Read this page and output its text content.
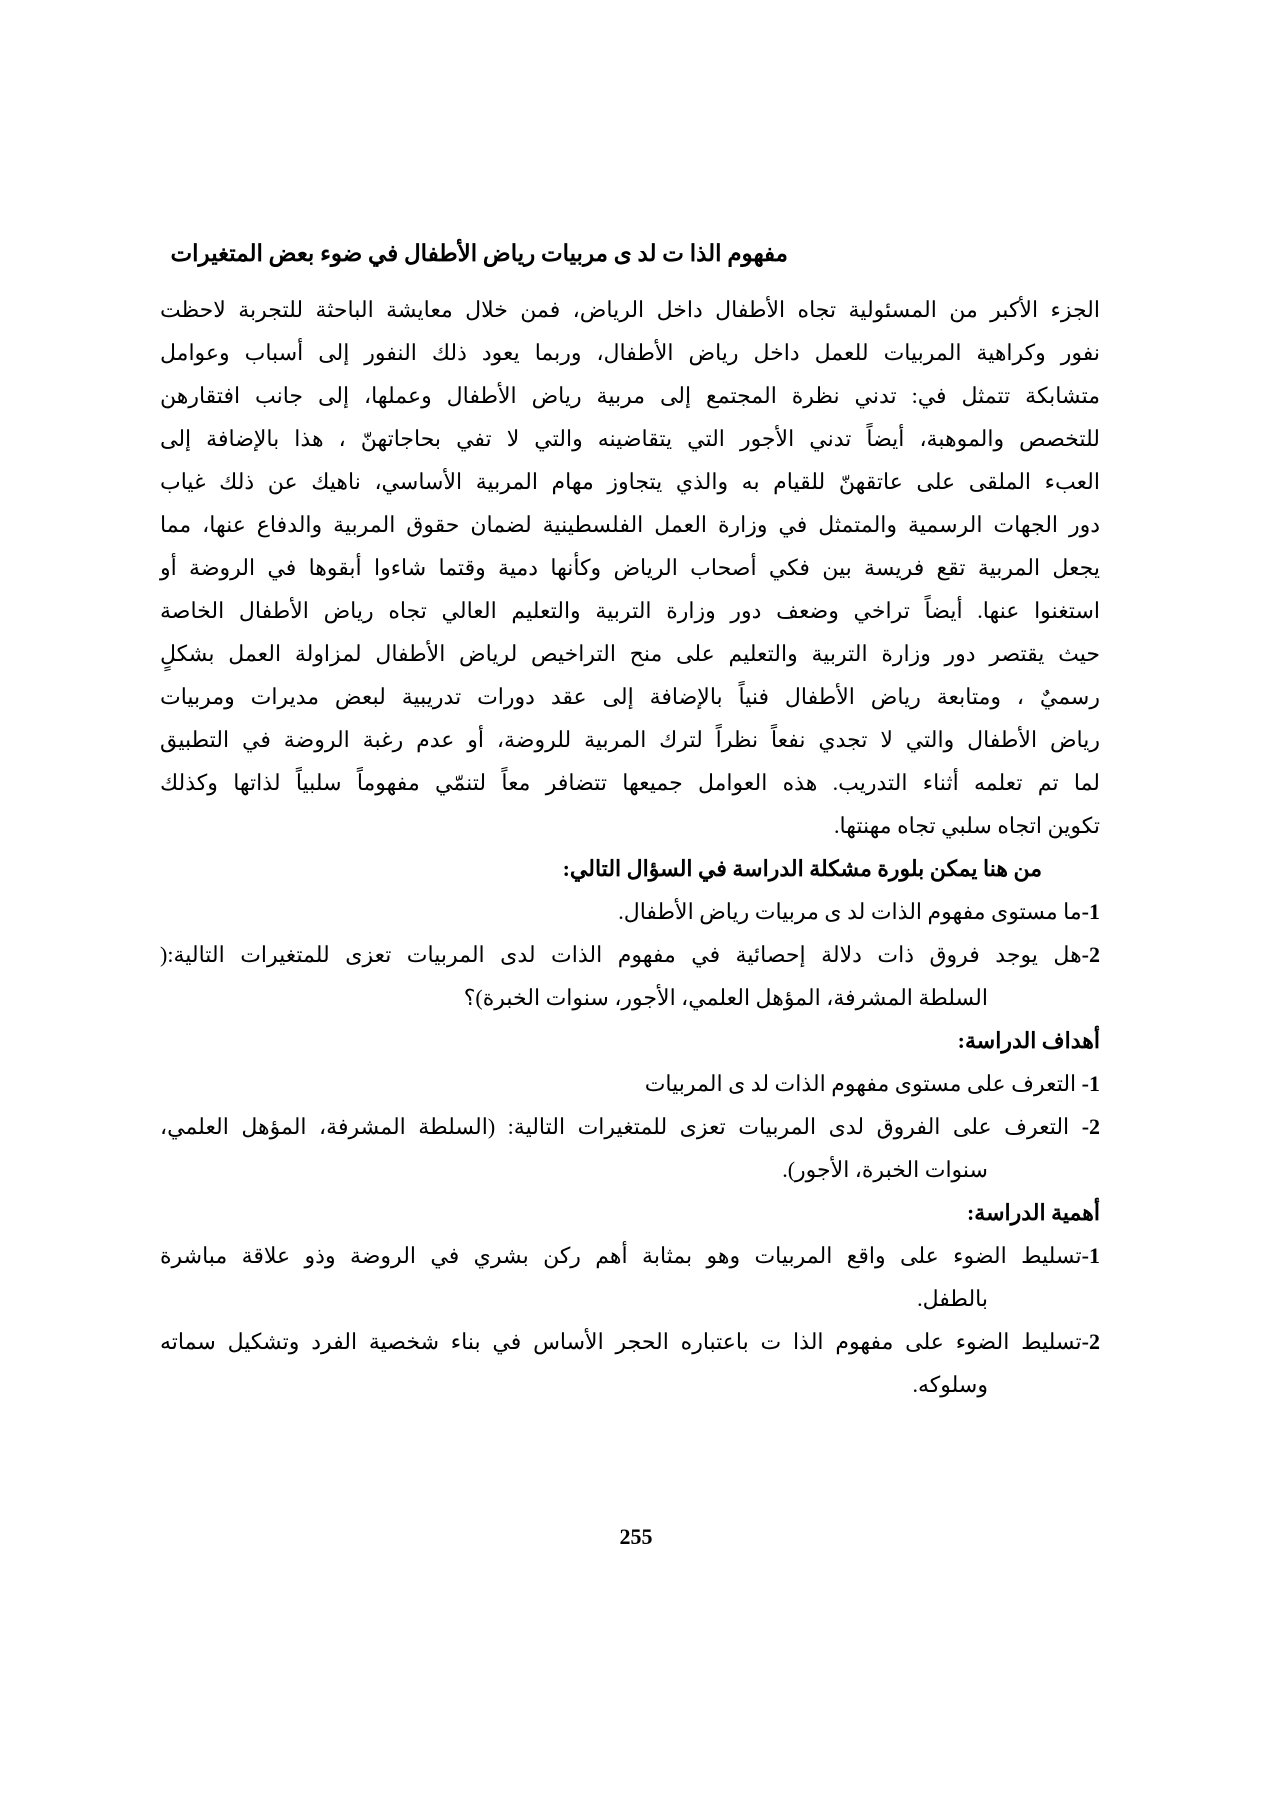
مفهوم الذا ت لد ى مربيات رياض الأطفال في ضوء بعض المتغيرات
الجزء الأكبر من المسئولية تجاه الأطفال داخل الرياض، فمن خلال معايشة الباحثة للتجربة لاحظت
نفور وكراهية المربيات للعمل داخل رياض الأطفال، وربما يعود ذلك النفور إلى أسباب وعوامل
متشابكة تتمثل في: تدني نظرة المجتمع إلى مربية رياض الأطفال وعملها، إلى جانب افتقارهن
للتخصص والموهبة، أيضاً تدني الأجور التي يتقاضينه والتي لا تفي بحاجاتهنّ ، هذا بالإضافة إلى
العبء الملقى على عاتقهنّ للقيام به والذي يتجاوز مهام المربية الأساسي، ناهيك عن ذلك غياب
دور الجهات الرسمية والمتمثل في وزارة العمل الفلسطينية لضمان حقوق المربية والدفاع عنها، مما
يجعل المربية تقع فريسة بين فكي أصحاب الرياض وكأنها دمية وقتما شاءوا أبقوها في الروضة أو
استغنوا عنها. أيضاً تراخي وضعف دور وزارة التربية والتعليم العالي تجاه رياض الأطفال الخاصة
حيث يقتصر دور وزارة التربية والتعليم على منح التراخيص لرياض الأطفال لمزاولة العمل بشكلٍ
رسميٌ ، ومتابعة رياض الأطفال فنياً بالإضافة إلى عقد دورات تدريبية لبعض مديرات ومربيات
رياض الأطفال والتي لا تجدي نفعاً نظراً لترك المربية للروضة، أو عدم رغبة الروضة في التطبيق
لما تم تعلمه أثناء التدريب. هذه العوامل جميعها تتضافر معاً لتنمّي مفهوماً سلبياً لذاتها وكذلك
تكوين اتجاه سلبي تجاه مهنتها.
من هنا يمكن بلورة مشكلة الدراسة في السؤال التالي:
1-ما مستوى مفهوم الذات لد ى مربيات رياض الأطفال.
2-هل يوجد فروق ذات دلالة إحصائية في مفهوم الذات لدى المربيات تعزى للمتغيرات التالية:(
السلطة المشرفة، المؤهل العلمي، الأجور، سنوات الخبرة)؟
أهداف الدراسة:
1- التعرف على مستوى مفهوم الذات لد ى المربيات
2- التعرف على الفروق لدى المربيات تعزى للمتغيرات التالية: (السلطة المشرفة، المؤهل العلمي،
سنوات الخبرة، الأجور).
أهمية الدراسة:
1-تسليط الضوء على واقع المربيات وهو بمثابة أهم ركن بشري في الروضة وذو علاقة مباشرة
بالطفل.
2-تسليط الضوء على مفهوم الذا ت باعتباره الحجر الأساس في بناء شخصية الفرد وتشكيل سماته
وسلوكه.
255
